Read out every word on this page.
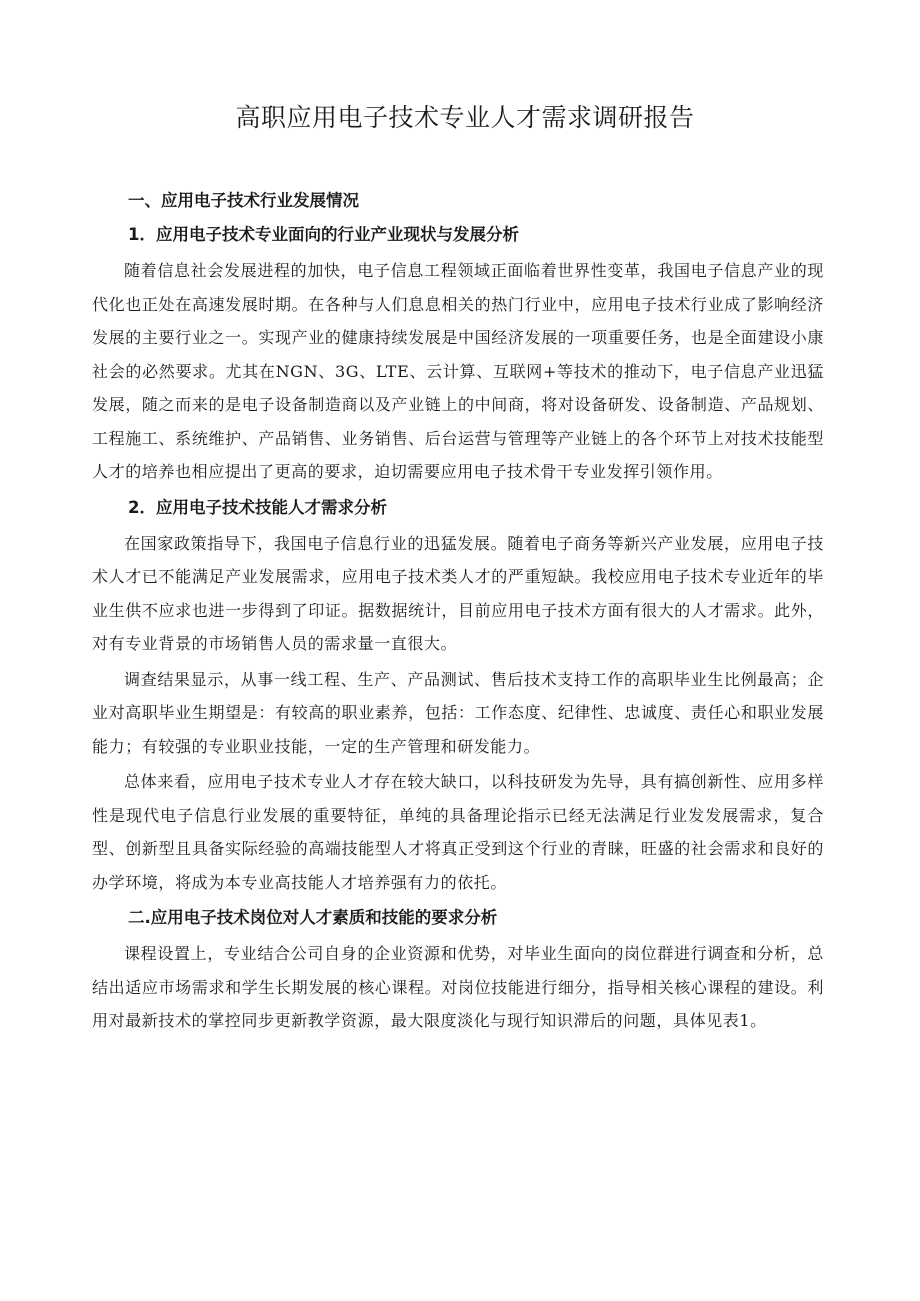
高职应用电子技术专业人才需求调研报告
一、应用电子技术行业发展情况
1．应用电子技术专业面向的行业产业现状与发展分析

随着信息社会发展进程的加快，电子信息工程领域正面临着世界性变革，我国电子信息产业的现代化也正处在高速发展时期。在各种与人们息息相关的热门行业中，应用电子技术行业成了影响经济发展的主要行业之一。实现产业的健康持续发展是中国经济发展的一项重要任务，也是全面建设小康社会的必然要求。尤其在NGN、3G、LTE、云计算、互联网+等技术的推动下，电子信息产业迅猛发展，随之而来的是电子设备制造商以及产业链上的中间商，将对设备研发、设备制造、产品规划、工程施工、系统维护、产品销售、业务销售、后台运营与管理等产业链上的各个环节上对技术技能型人才的培养也相应提出了更高的要求，迫切需要应用电子技术骨干专业发挥引领作用。

2．应用电子技术技能人才需求分析

在国家政策指导下，我国电子信息行业的迅猛发展。随着电子商务等新兴产业发展，应用电子技术人才已不能满足产业发展需求，应用电子技术类人才的严重短缺。我校应用电子技术专业近年的毕业生供不应求也进一步得到了印证。据数据统计，目前应用电子技术方面有很大的人才需求。此外，对有专业背景的市场销售人员的需求量一直很大。

调查结果显示，从事一线工程、生产、产品测试、售后技术支持工作的高职毕业生比例最高；企业对高职毕业生期望是：有较高的职业素养，包括：工作态度、纪律性、忠诚度、责任心和职业发展能力；有较强的专业职业技能，一定的生产管理和研发能力。

总体来看，应用电子技术专业人才存在较大缺口，以科技研发为先导，具有搞创新性、应用多样性是现代电子信息行业发展的重要特征，单纯的具备理论指示已经无法满足行业发发展需求，复合型、创新型且具备实际经验的高端技能型人才将真正受到这个行业的青睐，旺盛的社会需求和良好的办学环境，将成为本专业高技能人才培养强有力的依托。

二.应用电子技术岗位对人才素质和技能的要求分析

课程设置上，专业结合公司自身的企业资源和优势，对毕业生面向的岗位群进行调查和分析，总结出适应市场需求和学生长期发展的核心课程。对岗位技能进行细分，指导相关核心课程的建设。利用对最新技术的掌控同步更新教学资源，最大限度淡化与现行知识滞后的问题，具体见表1。
